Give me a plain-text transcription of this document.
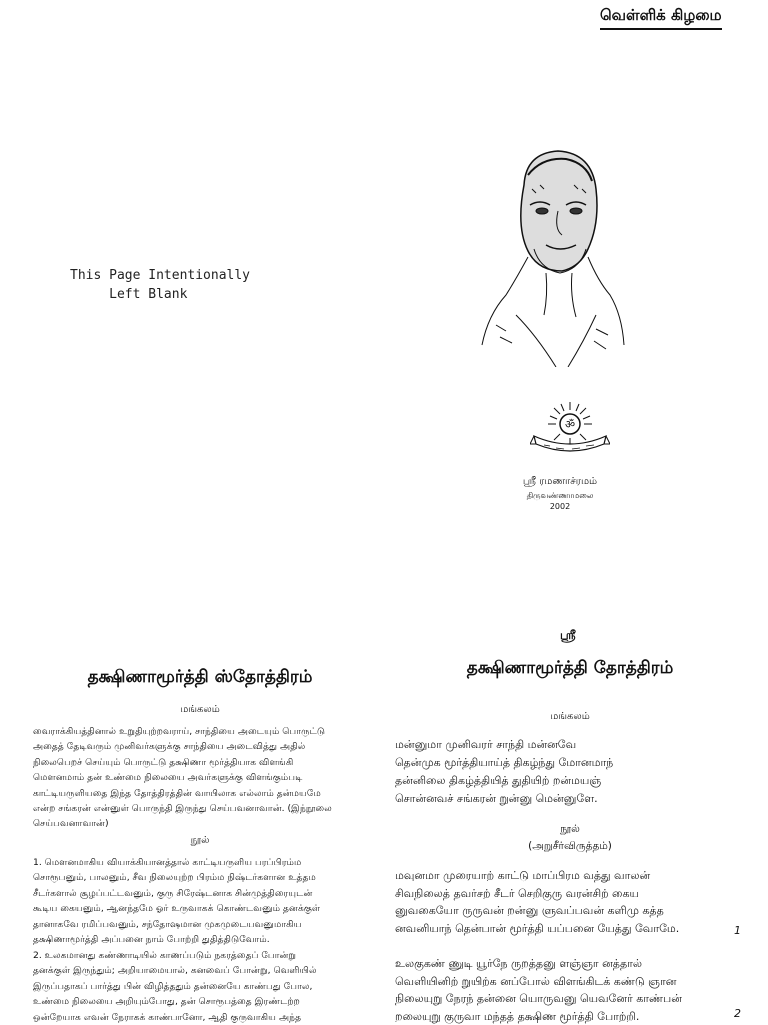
வெள்ளிக் கிழமை
This Page Intentionally
Left Blank
ॐ
ஸ்ரீ ரமணாச்ரமம்
திருவண்ணாமலை
2002
ஸ்ரீ
தக்ஷிணாமூர்த்தி ஸ்தோத்திரம்	தக்ஷிணாமூர்த்தி தோத்திரம்
மங்கலம்
மங்கலம்

வைராக்கியத்தினால் உறுதியுற்றவராய், சாந்தியை அடையும் பொருட்டு

அதைத் தேடிவரும் முனிவர்களுக்கு சாந்தியை அடைவித்து அதில்

நிலைபெறச் செய்யும் பொருட்டு தக்ஷிணா மூர்த்தியாக விளங்கி

மௌனமாம் தன் உண்மை நிலையை அவர்களுக்கு விளங்கும்படி

காட்டியருளியதை இந்த தோத்திரத்தின் வாயிலாக எல்லாம் தன்மயமே

என்ற சங்கரன் என்னுள் பொருந்தி இருந்து செய்பவனாவான். (இந்நூலை

செய்பவனாவான்)

நூல்

1. மௌனமாகிய வியாக்கியானத்தால் காட்டியருளிய பரப்பிரம்ம

சொரூபனும், பாலனும், சீவ நிலையுற்ற பிரம்ம நிஷ்டர்களான உத்தம

சீடர்களால் சூழப்பட்டவனும், குரு சிரேஷ்டனாக சின்முத்திரையுடன்

கூடிய கையனும், ஆனந்தமே ஓர் உருவாகக் கொண்டவனும் தனக்குள்

தானாகவே ரமிப்பவனும், சந்தோஷமான முகமுடையவனுமாகிய

தக்ஷிணாமூர்த்தி அப்பனை நாம் போற்றி துதித்திடுவோம்.

2. உலகமானது கண்ணாடியில் காணப்படும் நகரத்தைப் போன்று

தனக்குள் இருந்தும்; அறியாமையால், கனவைப் போன்று, வெளியில்

இருப்பதாகப் பார்த்து பின் விழித்ததும் தன்னையே காண்பது போல,

உண்மை நிலையை அறியும்போது, தன் சொரூபத்தை இரண்டற்ற

ஒன்றேயாக எவன் நேராகக் காண்பானோ, ஆதி குருவாகிய அந்த

மன்னுமா முனிவரர் சாந்தி மன்னவே

தென்முக மூர்த்தியாய்த் திகழ்ந்து மோனமாந்

தன்னிலை திகழ்த்தியித் துதியிற் றன்மயஞ்

சொன்னவச் சங்கரன் றுன்னு மென்னுளே.

நூல்
(அறுசீர்விருத்தம்)

மவுனமா முரையாற் காட்டு மாப்பிரம வத்து வாலன்

சிவநிலைத் தவர்சற் சீடர் செறிகுரு வரன்சிற் கைய

னுவகையோ ருருவன் றன்னு ளுவப்பவன் களிமு கத்த

னவனியாந் தென்பான் மூர்த்தி யப்பனை யேத்து வோமே.	1

உலகுகண் ணுடி யூர்நே ருறத்தனு ளஞ்ஞா னத்தால்

வெளியினிற் றுயிற்க னப்போல் விளங்கிடக் கண்டு ஞான

நிலையுறு நேரந் தன்னை யொருவனு யெவனேர் காண்பன்

றலையுறு குருவா மந்தத் தக்ஷிண மூர்த்தி போற்றி.	2
